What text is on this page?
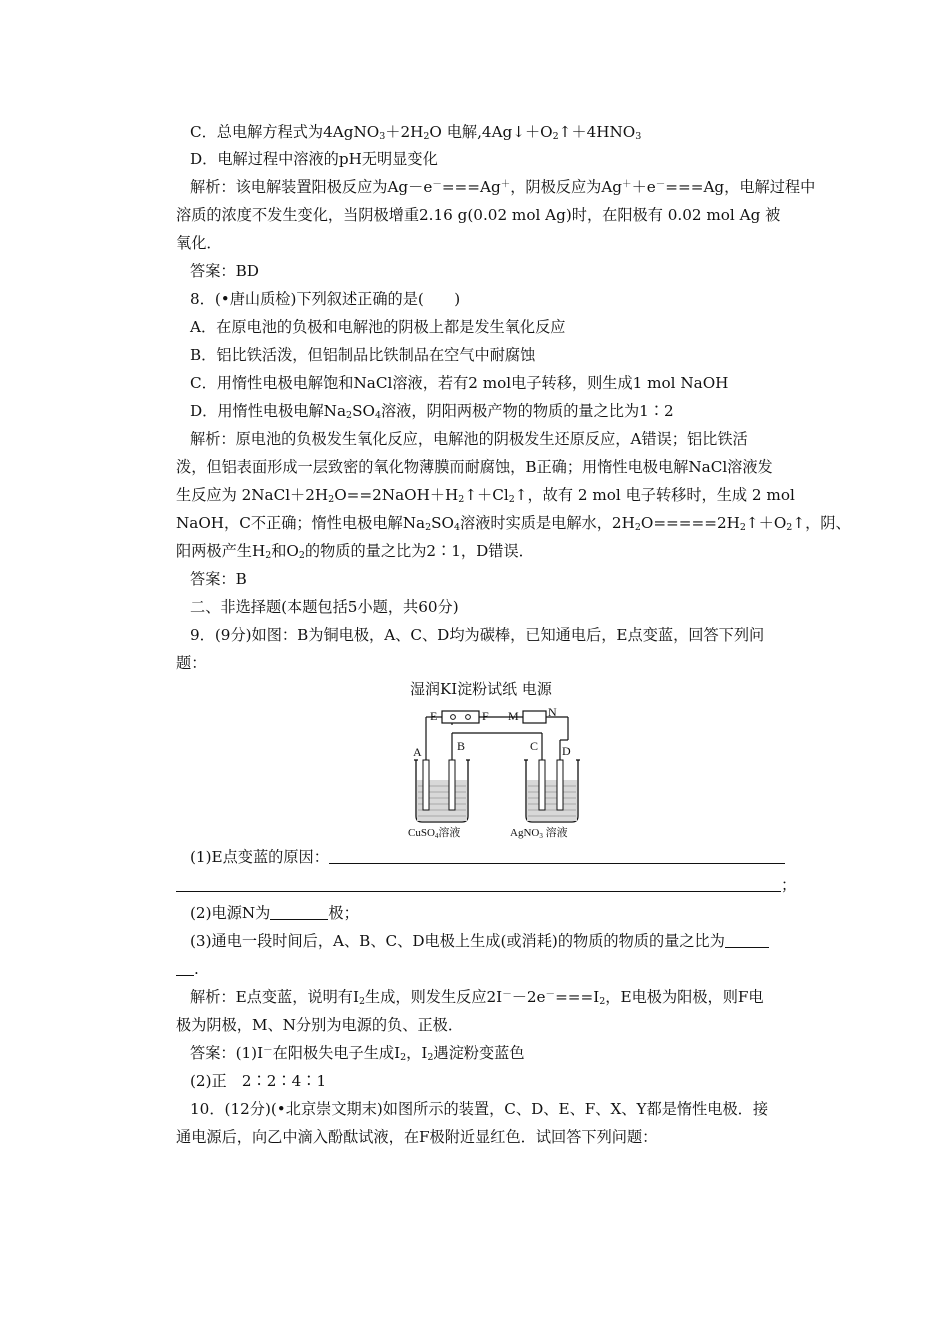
C．总电解方程式为$4AgNO_3+2H_2O$ 电解$,4Ag↓+O_2↑+4HNO_3$
D．电解过程中溶液的pH无明显变化
解析：该电解装置阳极反应为Ag－e－===Ag＋，阴极反应为Ag＋＋e－===Ag，电解过程中
溶质的浓度不发生变化，当阴极增重2.16 g(0.02 mol Ag)时，在阳极有 0.02 mol Ag 被
氧化．
答案：BD
8．(•唐山质检)下列叙述正确的是(　　)
A．在原电池的负极和电解池的阴极上都是发生氧化反应
B．铝比铁活泼，但铝制品比铁制品在空气中耐腐蚀
C．用惰性电极电解饱和NaCl溶液，若有2 mol电子转移，则生成1 mol NaOH
D．用惰性电极电解$Na_2SO_4$溶液，阴阳两极产物的物质的量之比为1∶2
解析：原电池的负极发生氧化反应，电解池的阴极发生还原反应，A错误；铝比铁活
泼，但铝表面形成一层致密的氧化物薄膜而耐腐蚀，B正确；用惰性电极电解NaCl溶液发
生反应为 $2NaCl+2H_2O==2NaOH+H_2↑+Cl_2↑$，故有 2 mol 电子转移时，生成 2 mol
NaOH，C不正确；惰性电极电解$Na_2SO_4$溶液时实质是电解水，$2H_2O=====2H_2↑+O_2↑$，阴、
阳两极产生$H_2$和$O_2$的物质的量之比为2∶1，D错误．
答案：B
二、非选择题(本题包括5小题，共60分)
9．(9分)如图：B为铜电极，A、C、D均为碳棒，已知通电后，E点变蓝，回答下列问
题：
湿润KI淀粉试纸 电源
E	F M N
A	B	C D
CuSO4溶液	AgNO3 溶液
(1)E点变蓝的原因：
；
(2)电源N为	极；
(3)通电一段时间后，A、B、C、D电极上生成(或消耗)的物质的物质的量之比为
.
解析：E点变蓝，说明有$I_2$生成，则发生反应$2I^--2e^-===I_2$，E电极为阳极，则F电
极为阴极，M、N分别为电源的负、正极．
答案：(1)I－在阳极失电子生成$I_2$，$I_2$遇淀粉变蓝色
(2)正　2∶2∶4∶1
10．(12分)(•北京崇文期末)如图所示的装置，C、D、E、F、X、Y都是惰性电极．接
通电源后，向乙中滴入酚酞试液，在F极附近显红色．试回答下列问题：
